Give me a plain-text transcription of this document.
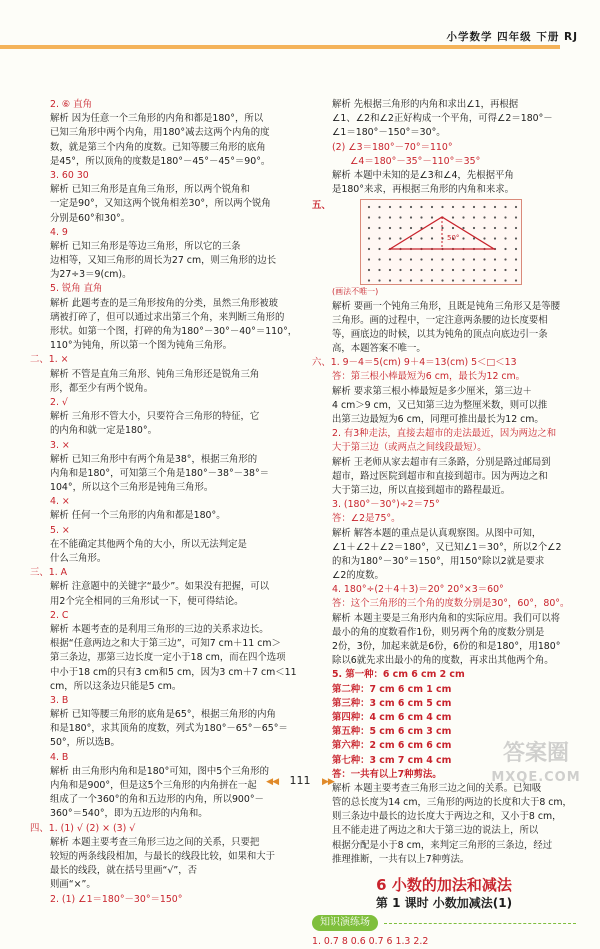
小学数学 四年级 下册 RJ
2. ⑥ 直角
解析 因为任意一个三角形的内角和都是180°，所以
已知三角形中两个内角，用180°减去这两个内角的度
数，就是第三个内角的度数。已知等腰三角形的底角
是45°，所以顶角的度数是180°－45°－45°＝90°。
3. 60 30
解析 已知三角形是直角三角形，所以两个锐角和
一定是90°，又知这两个锐角相差30°，所以两个锐角
分别是60°和30°。
4. 9
解析 已知三角形是等边三角形，所以它的三条
边相等，又知三角形的周长为27 cm，则三角形的边长
为27÷3＝9(cm)。
5. 锐角 直角
解析 此题考查的是三角形按角的分类，虽然三角形被玻
璃被打碎了，但可以通过求出第三个角，来判断三角形的
形状。如第一个图，打碎的角为180°－30°－40°＝110°，
110°为钝角，所以第一个图为钝角三角形。
二、1. ×
解析 不管是直角三角形、钝角三角形还是锐角三角
形，都至少有两个锐角。
2. √
解析 三角形不管大小，只要符合三角形的特征，它
的内角和就一定是180°。
3. ×
解析 已知三角形中有两个角是38°，根据三角形的
内角和是180°，可知第三个角是180°－38°－38°＝
104°，所以这个三角形是钝角三角形。
4. ×
解析 任何一个三角形的内角和都是180°。
5. ×
在不能确定其他两个角的大小，所以无法判定是
什么三角形。
三、1. A
解析 注意题中的关键字“最少”。如果没有把握，可以
用2个完全相同的三角形试一下，便可得结论。
2. C
解析 本题考查的是利用三角形的三边的关系求边长。
根据“任意两边之和大于第三边”，可知7 cm＋11 cm＞
第三条边，那第三边长度一定小于18 cm，而在四个选项
中小于18 cm的只有3 cm和5 cm，因为3 cm＋7 cm＜11
cm，所以这条边只能是5 cm。
3. B
解析 已知等腰三角形的底角是65°，根据三角形的内角
和是180°，求其顶角的度数，列式为180°－65°－65°＝
50°，所以选B。
4. B
解析 由三角形内角和是180°可知，图中5个三角形的
内角和是900°，但是这5个三角形的内角拼在一起
组成了一个360°的角和五边形的内角，所以900°－
360°＝540°，即为五边形的内角和。
四、1. (1) √ (2) × (3) √
解析 本题主要考查三角形三边之间的关系，只要把
较短的两条线段相加，与最长的线段比较，如果和大于
最长的线段，就在括号里画“√”，否
则画“×”。
2. (1) ∠1＝180°－30°＝150°
解析 先根据三角形的内角和求出∠1，再根据
∠1、∠2和∠2正好构成一个平角，可得∠2＝180°－
∠1＝180°－150°＝30°。
(2) ∠3＝180°－70°＝110°
∠4＝180°－35°－110°＝35°
解析 本题中未知的是∠3和∠4，先根据平角
是180°来求，再根据三角形的内角和来求。
五、
50°
(画法不唯一)
解析 要画一个钝角三角形，且既是钝角三角形又是等腰
三角形。画的过程中，一定注意两条腰的边长度要相
等，画底边的时候，以其为钝角的顶点向底边引一条
高，本题答案不唯一。
六、1. 9－4＝5(cm) 9＋4＝13(cm) 5＜□＜13
答：第三根小棒最短为6 cm，最长为12 cm。
解析 要求第三根小棒最短是多少厘米，第三边＋
4 cm＞9 cm，又已知第三边为整厘米数，则可以推
出第三边最短为6 cm，同理可推出最长为12 cm。
2. 有3种走法，直接去超市的走法最近，因为两边之和
大于第三边（或两点之间线段最短）。
解析 王老师从家去超市有三条路，分别是路过邮局到
超市，路过医院到超市和直接到超市。因为两边之和
大于第三边，所以直接到超市的路程最近。
3. (180°－30°)÷2＝75°
答：∠2是75°。
解析 解答本题的重点是认真观察图。从图中可知，
∠1＋∠2＋∠2＝180°，又已知∠1＝30°，所以2个∠2
的和为180°－30°＝150°，用150°除以2就是要求
∠2的度数。
4. 180°÷(2＋4＋3)＝20° 20°×3＝60°
答：这个三角形的三个角的度数分别是30°，60°，80°。
解析 本题主要是三角形内角和的实际应用。我们可以将
最小的角的度数看作1份，则另两个角的度数分别是
2份，3份，加起来就是6份，6份的和是180°，用180°
除以6就先求出最小的角的度数，再求出其他两个角。
5. 第一种：6 cm 6 cm 2 cm
第二种：7 cm 6 cm 1 cm
第三种：3 cm 6 cm 5 cm
第四种：4 cm 6 cm 4 cm
第五种：5 cm 6 cm 3 cm
第六种：2 cm 6 cm 6 cm
第七种：3 cm 7 cm 4 cm
答：一共有以上7种剪法。
解析 本题主要考查三角形三边之间的关系。已知吸
管的总长度为14 cm，三角形的两边的长度和大于8 cm，
则三条边中最长的边长度大于两边之和，又小于8 cm，
且不能走进了两边之和大于第三边的说法上，所以
根据分配是小于8 cm，来判定三角形的三条边，经过
推理推断，一共有以上7种剪法。
6 小数的加法和减法
第 1 课时 小数加减法(1)
知识演练场
1. 0.7 8 0.6 0.7 6 1.3 2.2
◀◀ 111 ▶▶
答案圈
MXQE.COM
